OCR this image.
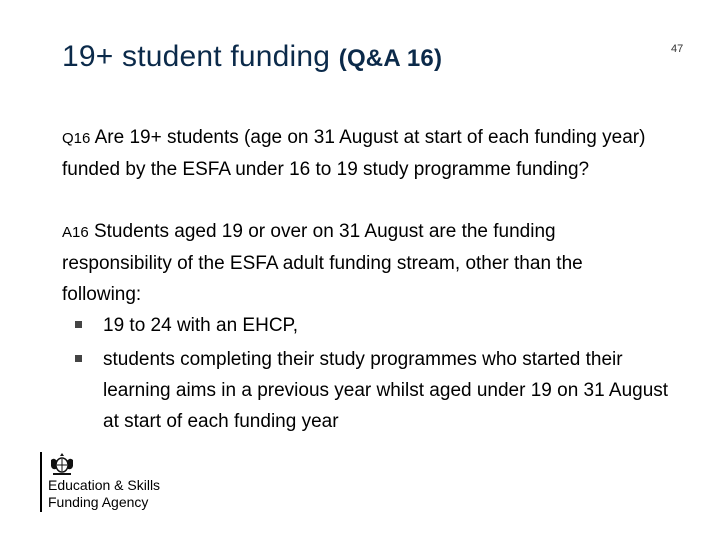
19+ student funding (Q&A 16)	47
Q16 Are 19+ students (age on 31 August at start of each funding year) funded by the ESFA under 16 to 19 study programme funding?
A16 Students aged 19 or over on 31 August are the funding responsibility of the ESFA adult funding stream, other than the following:
19 to 24 with an EHCP,
students completing their study programmes who started their learning aims in a previous year whilst aged under 19 on 31 August at start of each funding year
Education & Skills
Funding Agency
